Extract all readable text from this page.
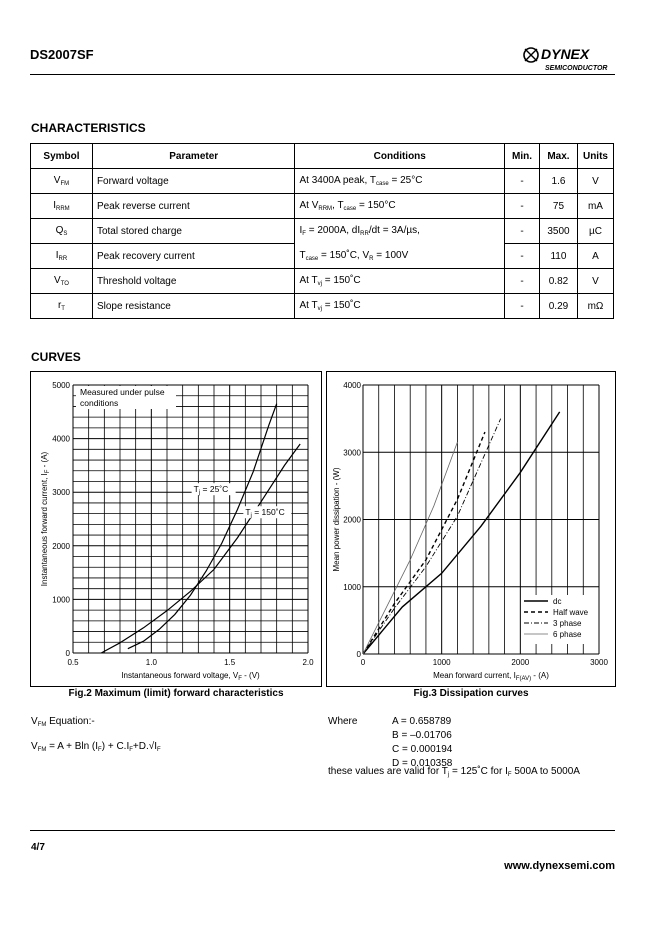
DS2007SF	DYNEX
SEMICONDUCTOR
CHARACTERISTICS
Symbol	Parameter	Conditions	Min.	Max.	Units
$V_{FM}$	Forward voltage	At 3400A peak, $T_{case} = 25^\circ C$	-	1.6	V
$I_{RRM}$	Peak reverse current	At $V_{RRM}$, $T_{case} = 150^\circ C$	-	75	mA
$Q_S$	Total stored charge	$I_F = 2000A$, $dI_{RR}/dt = 3A/\mu s$,	-	3500	µC
$I_{RR}$	Peak recovery current	$T_{case}$ = 150˚C, $V_R = 100V$	-	110	A
$V_{TO}$	Threshold voltage	At $T_{vj}$ = 150˚C	-	0.82	V
$r_T$	Slope resistance	At $T_{vj}$ = 150˚C	-	0.29	mΩ
CURVES
Measured under pulse
conditions
0.5	1.0	1.5	2.0
0
1000
2000
3000
4000
5000
$T_j$ = 25˚C
$T_j$ = 150˚C
Instantaneous forward voltage, $V_F - (V)$
Instantaneous forward current, $I_F - (A)$
0	1000	2000	3000
0
1000
2000
3000
4000
dc
Half wave
3 phase
6 phase
Mean forward current, $I_{F(AV)} - (A)$
Mean power dissipation - (W)
Fig.2 Maximum (limit) forward characteristics	Fig.3 Dissipation curves
$V_{FM}$ Equation:-
$V_{FM} = A + Bln$ $(I_F) + C.I_F+D.√I_F$
Where	A = 0.658789
B = –0.01706
C = 0.000194
D = 0.010358
these values are valid for $T_j$ = 125˚C for $I_F$ 500A to 5000A
4/7
www.dynexsemi.com
